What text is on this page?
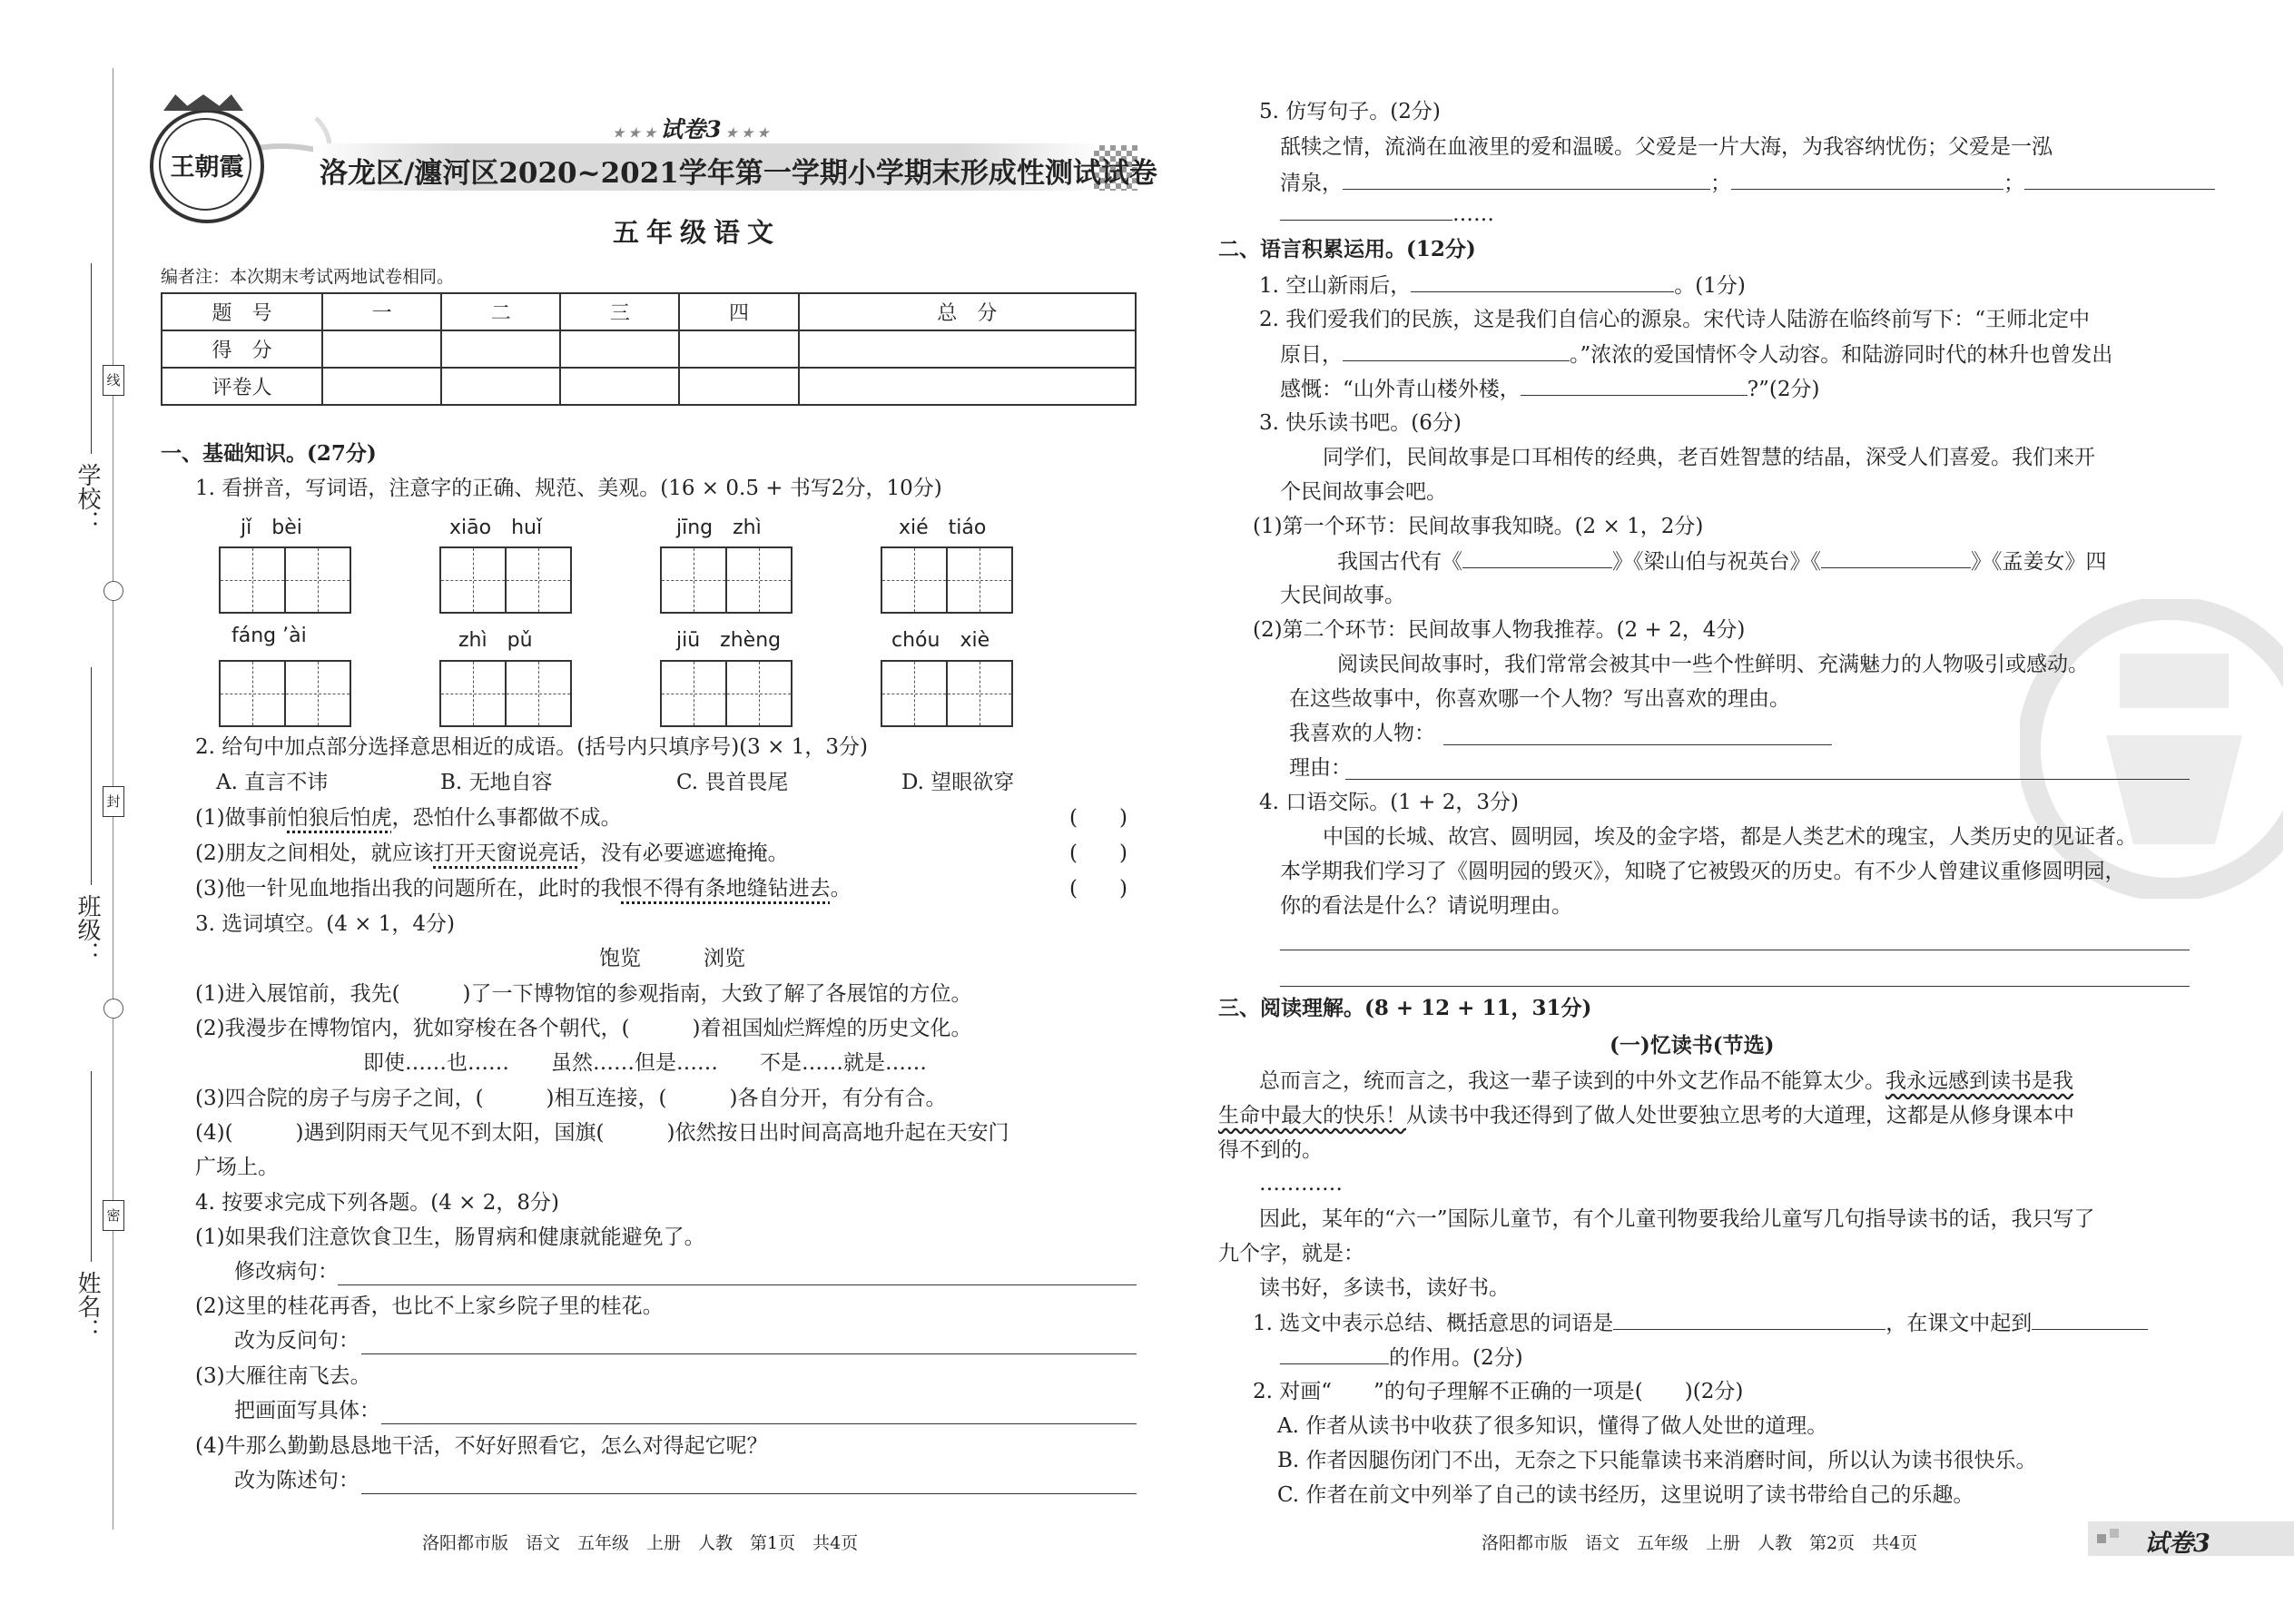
学校：
班级：
姓名：
线
封
密
王朝霞
★ ★ ★ 试卷3 ★ ★ ★
洛龙区/瀍河区2020~2021学年第一学期小学期末形成性测试试卷
五年级语文
编者注：本次期末考试两地试卷相同。
题　号	一	二	三	四	总　分
得　分					
评卷人					
一、基础知识。(27分)
1. 看拼音，写词语，注意字的正确、规范、美观。(16 × 0.5 + 书写2分，10分)
jǐ　bèi	xiāo　huǐ	jīng　zhì	xié　tiáo
fáng ’ài	zhì　pǔ	jiū　zhèng	chóu　xiè
2. 给句中加点部分选择意思相近的成语。(括号内只填序号)(3 × 1，3分)
A. 直言不讳	B. 无地自容	C. 畏首畏尾	D. 望眼欲穿
(1)做事前怕狼后怕虎，恐怕什么事都做不成。	(　　)
(2)朋友之间相处，就应该打开天窗说亮话，没有必要遮遮掩掩。	(　　)
(3)他一针见血地指出我的问题所在，此时的我恨不得有条地缝钻进去。	(　　)
3. 选词填空。(4 × 1，4分)
饱览　　　浏览
(1)进入展馆前，我先(　　　)了一下博物馆的参观指南，大致了解了各展馆的方位。
(2)我漫步在博物馆内，犹如穿梭在各个朝代，(　　　)着祖国灿烂辉煌的历史文化。
即使……也……　　虽然……但是……　　不是……就是……
(3)四合院的房子与房子之间，(　　　)相互连接，(　　　)各自分开，有分有合。
(4)(　　　)遇到阴雨天气见不到太阳，国旗(　　　)依然按日出时间高高地升起在天安门
广场上。
4. 按要求完成下列各题。(4 × 2，8分)
(1)如果我们注意饮食卫生，肠胃病和健康就能避免了。
修改病句：
(2)这里的桂花再香，也比不上家乡院子里的桂花。
改为反问句：
(3)大雁往南飞去。
把画面写具体：
(4)牛那么勤勤恳恳地干活，不好好照看它，怎么对得起它呢？
改为陈述句：
洛阳都市版　语文　五年级　上册　人教　第1页　共4页
5. 仿写句子。(2分)
舐犊之情，流淌在血液里的爱和温暖。父爱是一片大海，为我容纳忧伤；父爱是一泓
清泉，	；	；
……
二、语言积累运用。(12分)
1. 空山新雨后，	。(1分)
2. 我们爱我们的民族，这是我们自信心的源泉。宋代诗人陆游在临终前写下：“王师北定中
原日，	。”浓浓的爱国情怀令人动容。和陆游同时代的林升也曾发出
感慨：“山外青山楼外楼，	?”(2分)
3. 快乐读书吧。(6分)
同学们，民间故事是口耳相传的经典，老百姓智慧的结晶，深受人们喜爱。我们来开
个民间故事会吧。
(1)第一个环节：民间故事我知晓。(2 × 1，2分)
我国古代有《	》《梁山伯与祝英台》《	》《孟姜女》四
大民间故事。
(2)第二个环节：民间故事人物我推荐。(2 + 2，4分)
阅读民间故事时，我们常常会被其中一些个性鲜明、充满魅力的人物吸引或感动。
在这些故事中，你喜欢哪一个人物？写出喜欢的理由。
我喜欢的人物：
理由：
4. 口语交际。(1 + 2，3分)
中国的长城、故宫、圆明园，埃及的金字塔，都是人类艺术的瑰宝，人类历史的见证者。
本学期我们学习了《圆明园的毁灭》，知晓了它被毁灭的历史。有不少人曾建议重修圆明园，
你的看法是什么？请说明理由。
三、阅读理解。(8 + 12 + 11，31分)
(一)忆读书(节选)
总而言之，统而言之，我这一辈子读到的中外文艺作品不能算太少。我永远感到读书是我
生命中最大的快乐！从读书中我还得到了做人处世要独立思考的大道理，这都是从修身课本中
得不到的。
…………
因此，某年的“六一”国际儿童节，有个儿童刊物要我给儿童写几句指导读书的话，我只写了
九个字，就是：
读书好，多读书，读好书。
1. 选文中表示总结、概括意思的词语是	，在课文中起到
的作用。(2分)
2. 对画“ ”的句子理解不正确的一项是(　　)(2分)
A. 作者从读书中收获了很多知识，懂得了做人处世的道理。
B. 作者因腿伤闭门不出，无奈之下只能靠读书来消磨时间，所以认为读书很快乐。
C. 作者在前文中列举了自己的读书经历，这里说明了读书带给自己的乐趣。
洛阳都市版　语文　五年级　上册　人教　第2页　共4页	试卷3
